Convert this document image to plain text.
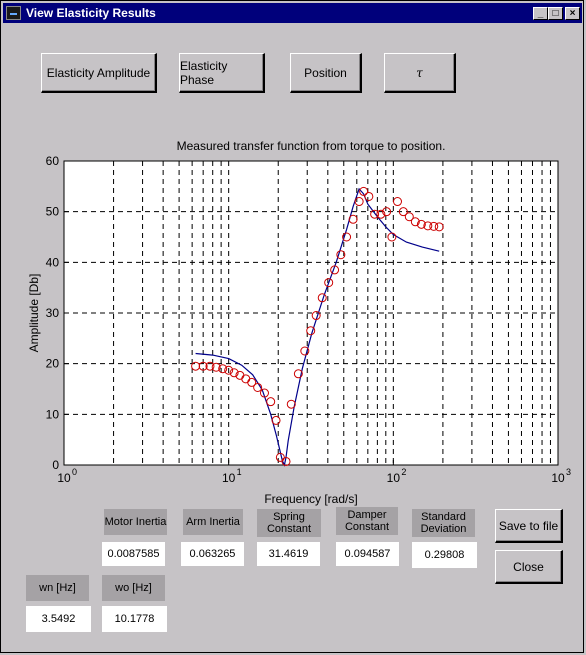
View Elasticity Results	_ □	×
Elasticity Amplitude Elasticity Phase	Position	τ
10 0	10 1	10 2	10 3
0
10
20
30
40
50
60
Measured transfer function from torque to position.
Frequency [rad/s]
Amplitude [Db]
Motor Inertia
0.0087585
Arm Inertia
0.063265
Spring Constant
31.4619
Damper Constant
0.094587
Standard Deviation
0.29808
wn [Hz]
3.5492
wo [Hz]
10.1778
Save to file
Close
